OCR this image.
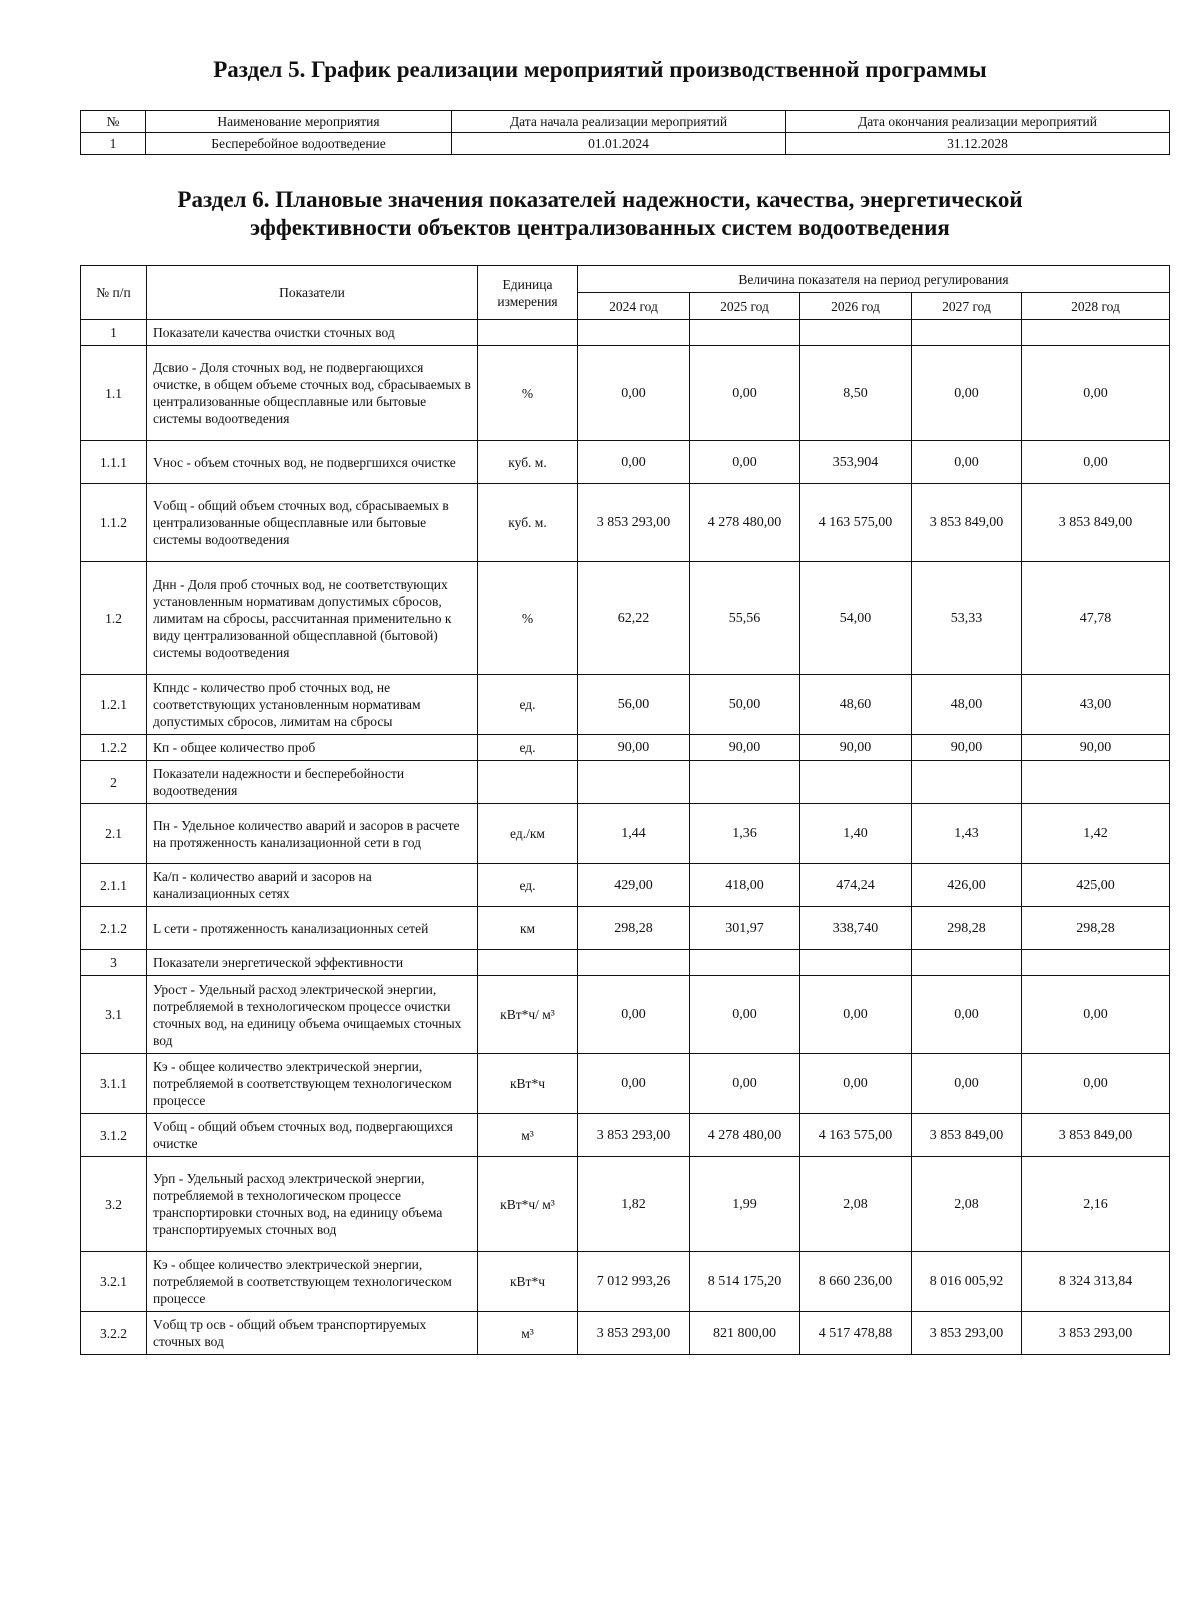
Раздел 5. График реализации мероприятий производственной программы
№	Наименование мероприятия	Дата начала реализации мероприятий	Дата окончания реализации мероприятий
1	Бесперебойное водоотведение	01.01.2024	31.12.2028
Раздел 6. Плановые значения показателей надежности, качества, энергетической
эффективности объектов централизованных систем водоотведения
№ п/п	Показатели	Единица измерения	Величина показателя на период регулирования				
			2024 год	2025 год	2026 год	2027 год	2028 год
1	Показатели качества очистки сточных вод						
1.1	Дсвио - Доля сточных вод, не подвергающихся очистке, в общем объеме сточных вод, сбрасываемых в централизованные общесплавные или бытовые системы водоотведения	%	0,00	0,00	8,50	0,00	0,00
1.1.1	Vнос - объем сточных вод, не подвергшихся очистке	куб. м.	0,00	0,00	353,904	0,00	0,00
1.1.2	Vобщ - общий объем сточных вод, сбрасываемых в централизованные общесплавные или бытовые системы водоотведения	куб. м.	3 853 293,00	4 278 480,00	4 163 575,00	3 853 849,00	3 853 849,00
1.2	Днн - Доля проб сточных вод, не соответствующих установленным нормативам допустимых сбросов, лимитам на сбросы, рассчитанная применительно к виду централизованной общесплавной (бытовой) системы водоотведения	%	62,22	55,56	54,00	53,33	47,78
1.2.1	Кпндс - количество проб сточных вод, не соответствующих установленным нормативам допустимых сбросов, лимитам на сбросы	ед.	56,00	50,00	48,60	48,00	43,00
1.2.2	Кп - общее количество проб	ед.	90,00	90,00	90,00	90,00	90,00
2	Показатели надежности и бесперебойности водоотведения						
2.1	Пн - Удельное количество аварий и засоров в расчете на протяженность канализационной сети в год	ед./км	1,44	1,36	1,40	1,43	1,42
2.1.1	Ка/п - количество аварий и засоров на канализационных сетях	ед.	429,00	418,00	474,24	426,00	425,00
2.1.2	L сети - протяженность канализационных сетей	км	298,28	301,97	338,740	298,28	298,28
3	Показатели энергетической эффективности						
3.1	Урост - Удельный расход электрической энергии, потребляемой в технологическом процессе очистки сточных вод, на единицу объема очищаемых сточных вод	кВт*ч/ м³	0,00	0,00	0,00	0,00	0,00
3.1.1	Кэ - общее количество электрической энергии, потребляемой в соответствующем технологическом процессе	кВт*ч	0,00	0,00	0,00	0,00	0,00
3.1.2	Vобщ - общий объем сточных вод, подвергающихся очистке	м³	3 853 293,00	4 278 480,00	4 163 575,00	3 853 849,00	3 853 849,00
3.2	Урп - Удельный расход электрической энергии, потребляемой в технологическом процессе транспортировки сточных вод, на единицу объема транспортируемых сточных вод	кВт*ч/ м³	1,82	1,99	2,08	2,08	2,16
3.2.1	Кэ - общее количество электрической энергии, потребляемой в соответствующем технологическом процессе	кВт*ч	7 012 993,26	8 514 175,20	8 660 236,00	8 016 005,92	8 324 313,84
3.2.2	Vобщ тр осв - общий объем транспортируемых сточных вод	м³	3 853 293,00	821 800,00	4 517 478,88	3 853 293,00	3 853 293,00
